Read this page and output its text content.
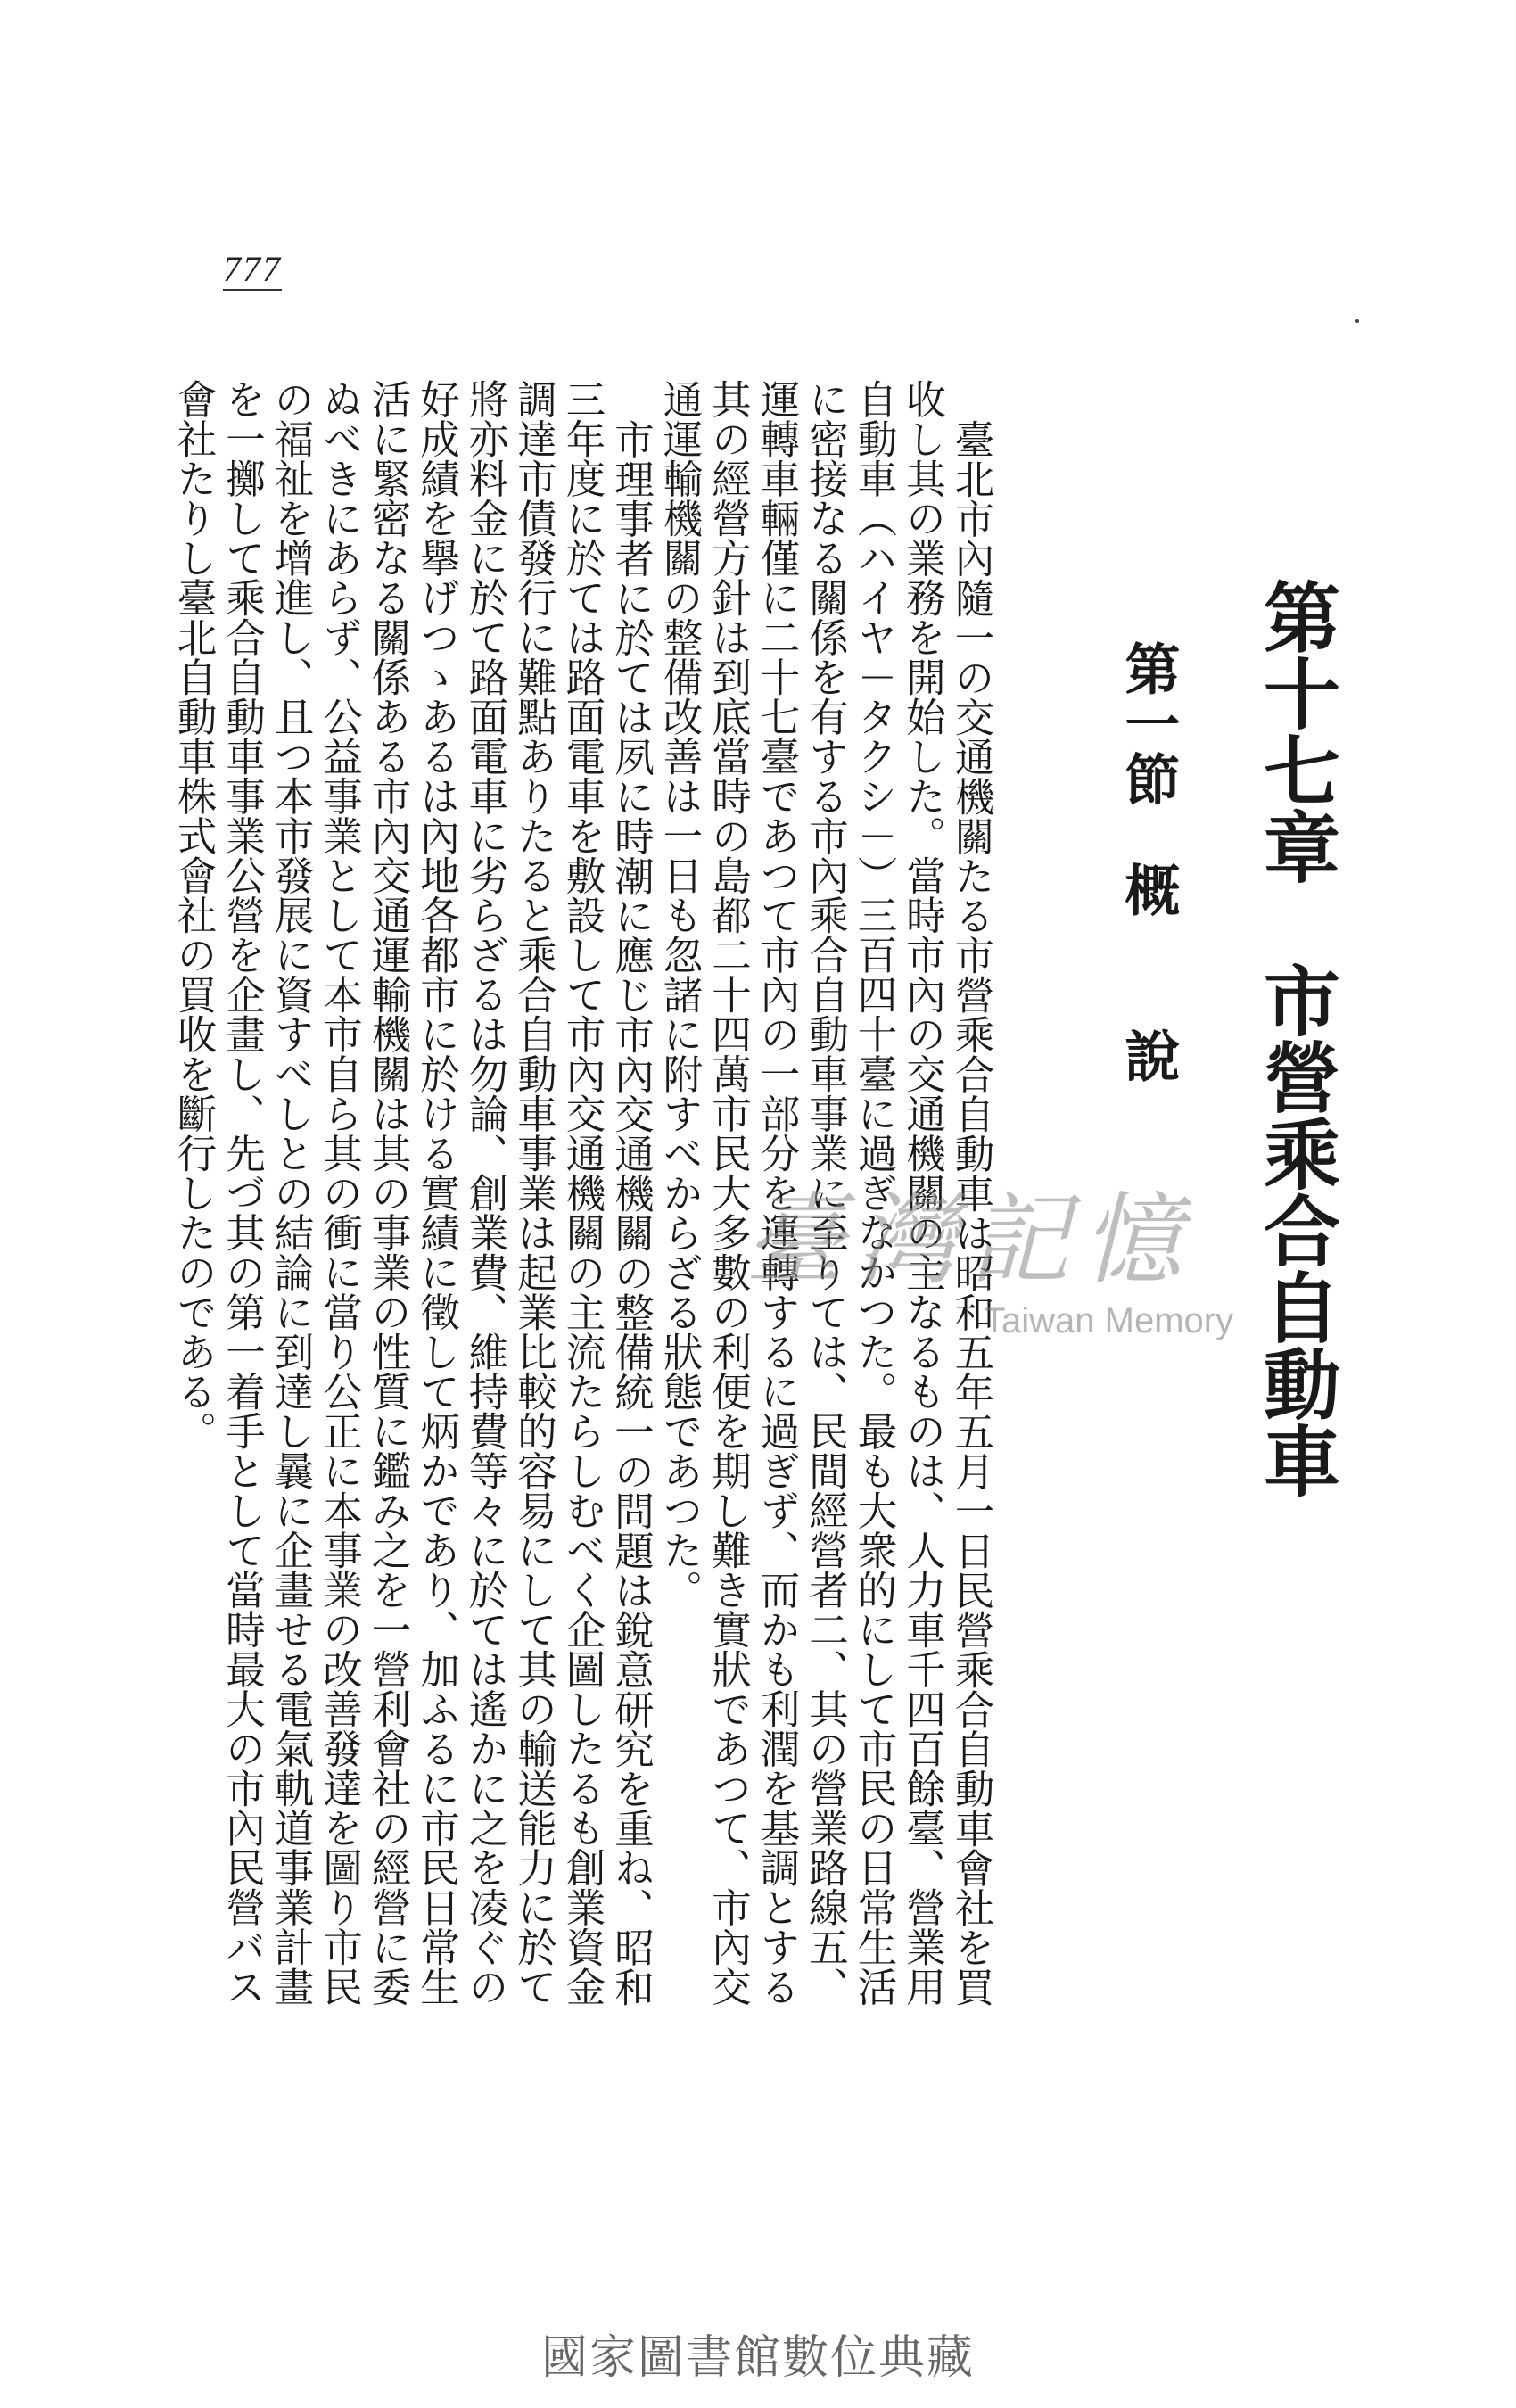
777
第十七章　市營乘合自動車
第一節　概　　說

臺北市內隨一の交通機關たる市營乘合自動車は昭和五年五月一日民營乘合自動車會社を買收し其の業務を開始した。當時市內の交通機關の主なるものは、人力車千四百餘臺、營業用自動車（ハイヤ－タクシ－）三百四十臺に過ぎなかつた。最も大衆的にして市民の日常生活に密接なる關係を有する市內乘合自動車事業に至りては、民間經營者二、其の營業路線五、運轉車輛僅に二十七臺であつて市內の一部分を運轉するに過ぎず、而かも利潤を基調とする其の經營方針は到底當時の島都二十四萬市民大多數の利便を期し難き實狀であつて、市內交通運輸機關の整備改善は一日も忽諸に附すべからざる狀態であつた。

市理事者に於ては夙に時潮に應じ市內交通機關の整備統一の問題は銳意研究を重ね、昭和三年度に於ては路面電車を敷設して市內交通機關の主流たらしむべく企圖したるも創業資金調達市債發行に難點ありたると乘合自動車事業は起業比較的容易にして其の輸送能力に於て將亦料金に於て路面電車に劣らざるは勿論、創業費、維持費等々に於ては遙かに之を凌ぐの好成績を擧げつゝあるは內地各都市に於ける實績に徵して炳かであり、加ふるに市民日常生活に緊密なる關係ある市內交通運輸機關は其の事業の性質に鑑み之を一營利會社の經營に委ぬべきにあらず、公益事業として本市自ら其の衝に當り公正に本事業の改善發達を圖り市民の福祉を增進し、且つ本市發展に資すべしとの結論に到達し曩に企畫せる電氣軌道事業計畫を一擲して乘合自動車事業公營を企畫し、先づ其の第一着手として當時最大の市內民營バス會社たりし臺北自動車株式會社の買收を斷行したのである。	臺灣記憶
Taiwan Memory
國家圖書館數位典藏
